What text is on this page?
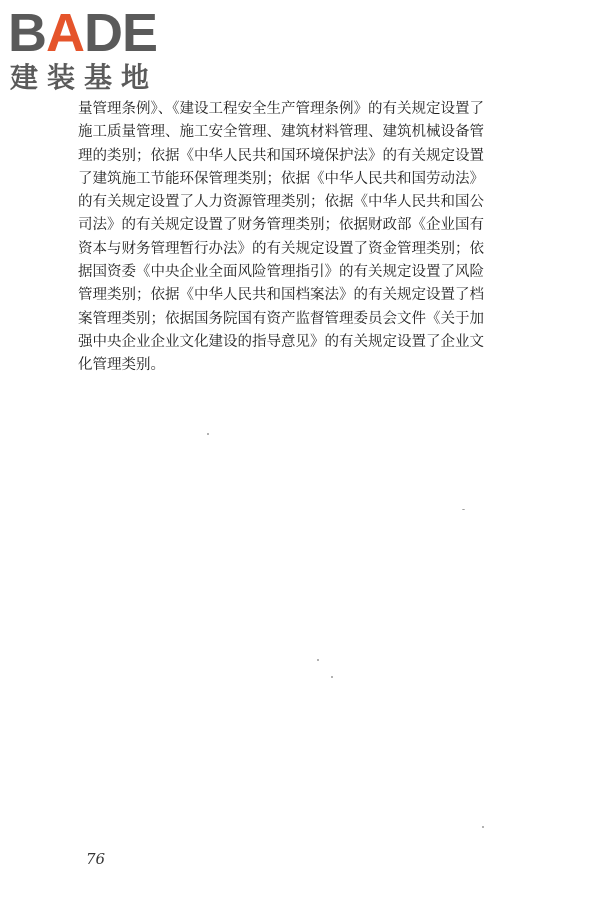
BADE
建装基地
量管理条例》、《建设工程安全生产管理条例》的有关规定设置了
施工质量管理、施工安全管理、建筑材料管理、建筑机械设备管
理的类别；依据《中华人民共和国环境保护法》的有关规定设置
了建筑施工节能环保管理类别；依据《中华人民共和国劳动法》
的有关规定设置了人力资源管理类别；依据《中华人民共和国公
司法》的有关规定设置了财务管理类别；依据财政部《企业国有
资本与财务管理暂行办法》的有关规定设置了资金管理类别；依
据国资委《中央企业全面风险管理指引》的有关规定设置了风险
管理类别；依据《中华人民共和国档案法》的有关规定设置了档
案管理类别；依据国务院国有资产监督管理委员会文件《关于加
强中央企业企业文化建设的指导意见》的有关规定设置了企业文
化管理类别。
76
